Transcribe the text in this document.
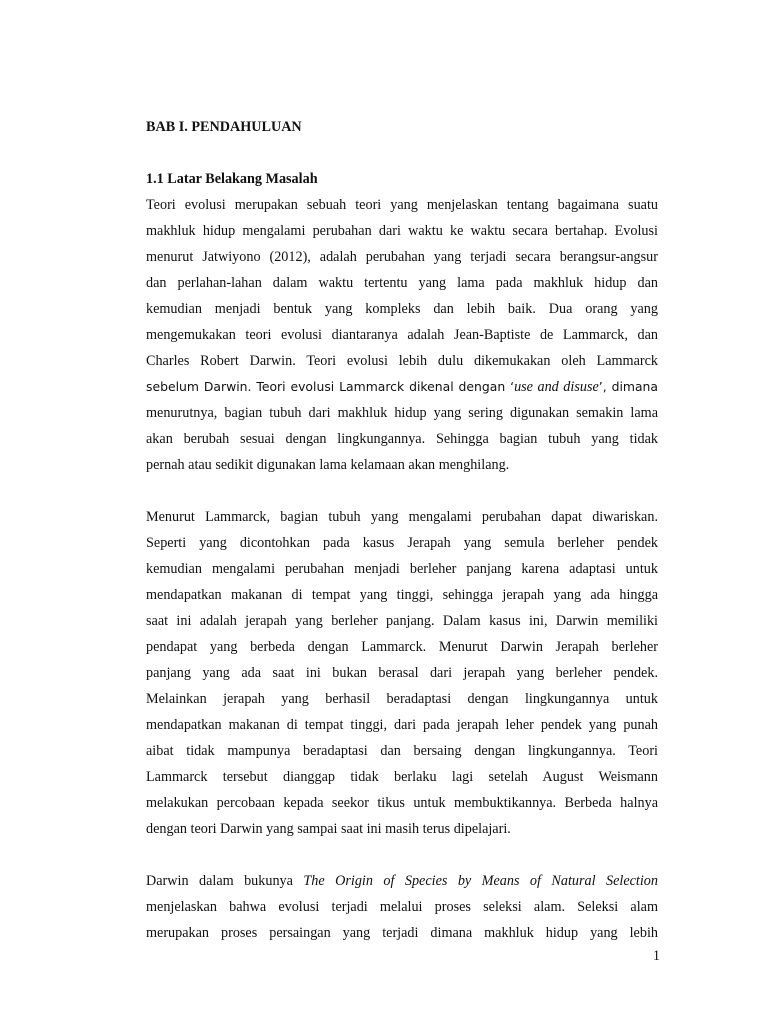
BAB I. PENDAHULUAN
1.1 Latar Belakang Masalah
Teori evolusi merupakan sebuah teori yang menjelaskan tentang bagaimana suatu
makhluk hidup mengalami perubahan dari waktu ke waktu secara bertahap. Evolusi
menurut Jatwiyono (2012), adalah perubahan yang terjadi secara berangsur-angsur
dan perlahan-lahan dalam waktu tertentu yang lama pada makhluk hidup dan
kemudian menjadi bentuk yang kompleks dan lebih baik. Dua orang yang
mengemukakan teori evolusi diantaranya adalah Jean-Baptiste de Lammarck, dan
Charles Robert Darwin. Teori evolusi lebih dulu dikemukakan oleh Lammarck
sebelum Darwin. Teori evolusi Lammarck dikenal dengan ‘use and disuse’, dimana
menurutnya, bagian tubuh dari makhluk hidup yang sering digunakan semakin lama
akan berubah sesuai dengan lingkungannya. Sehingga bagian tubuh yang tidak
pernah atau sedikit digunakan lama kelamaan akan menghilang.
Menurut Lammarck, bagian tubuh yang mengalami perubahan dapat diwariskan.
Seperti yang dicontohkan pada kasus Jerapah yang semula berleher pendek
kemudian mengalami perubahan menjadi berleher panjang karena adaptasi untuk
mendapatkan makanan di tempat yang tinggi, sehingga jerapah yang ada hingga
saat ini adalah jerapah yang berleher panjang. Dalam kasus ini, Darwin memiliki
pendapat yang berbeda dengan Lammarck. Menurut Darwin Jerapah berleher
panjang yang ada saat ini bukan berasal dari jerapah yang berleher pendek.
Melainkan jerapah yang berhasil beradaptasi dengan lingkungannya untuk
mendapatkan makanan di tempat tinggi, dari pada jerapah leher pendek yang punah
aibat tidak mampunya beradaptasi dan bersaing dengan lingkungannya. Teori
Lammarck tersebut dianggap tidak berlaku lagi setelah August Weismann
melakukan percobaan kepada seekor tikus untuk membuktikannya. Berbeda halnya
dengan teori Darwin yang sampai saat ini masih terus dipelajari.
Darwin dalam bukunya The Origin of Species by Means of Natural Selection
menjelaskan bahwa evolusi terjadi melalui proses seleksi alam. Seleksi alam
merupakan proses persaingan yang terjadi dimana makhluk hidup yang lebih
1
